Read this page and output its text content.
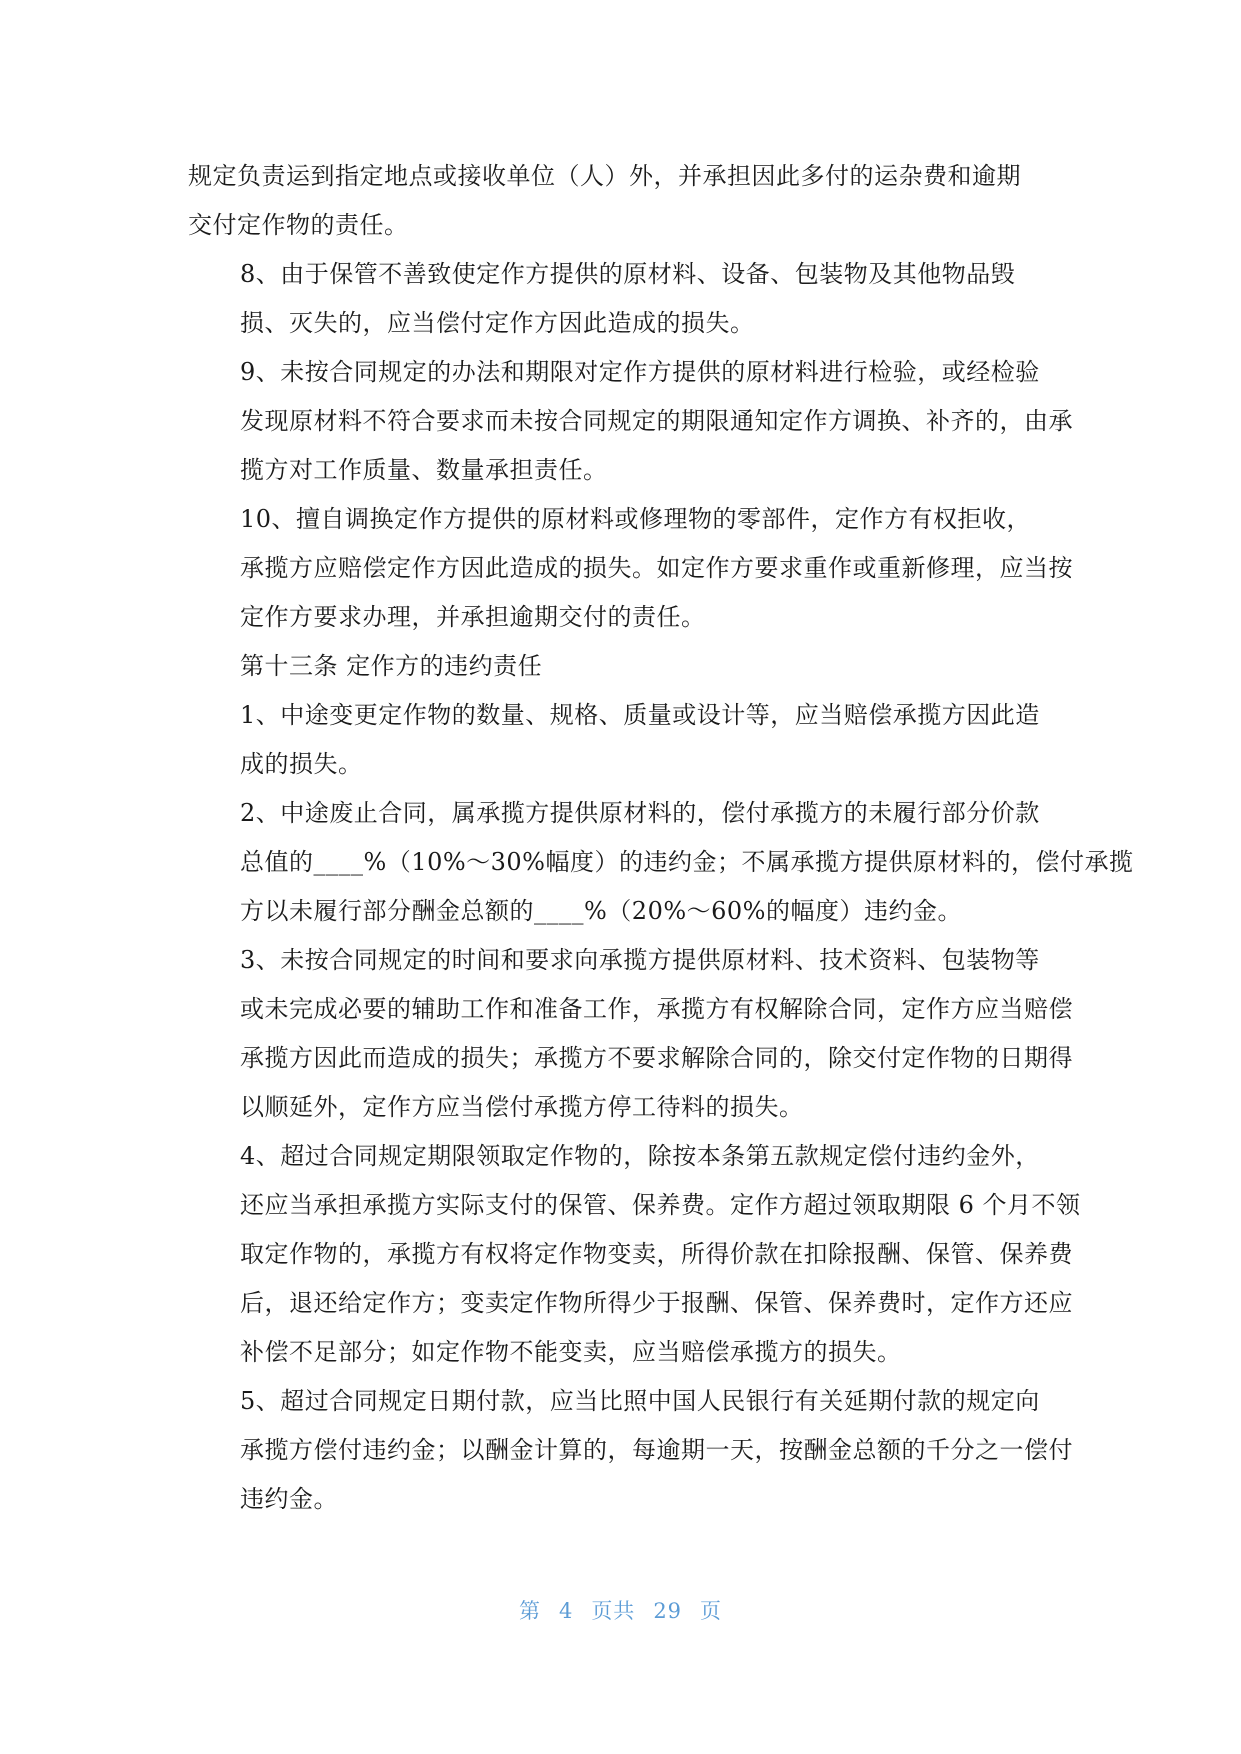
规定负责运到指定地点或接收单位（人）外，并承担因此多付的运杂费和逾期
交付定作物的责任。

8、由于保管不善致使定作方提供的原材料、设备、包装物及其他物品毁
损、灭失的，应当偿付定作方因此造成的损失。

9、未按合同规定的办法和期限对定作方提供的原材料进行检验，或经检验
发现原材料不符合要求而未按合同规定的期限通知定作方调换、补齐的，由承
揽方对工作质量、数量承担责任。

10、擅自调换定作方提供的原材料或修理物的零部件，定作方有权拒收，
承揽方应赔偿定作方因此造成的损失。如定作方要求重作或重新修理，应当按
定作方要求办理，并承担逾期交付的责任。

第十三条 定作方的违约责任

1、中途变更定作物的数量、规格、质量或设计等，应当赔偿承揽方因此造
成的损失。

2、中途废止合同，属承揽方提供原材料的，偿付承揽方的未履行部分价款
总值的____%（10%～30%幅度）的违约金；不属承揽方提供原材料的，偿付承揽
方以未履行部分酬金总额的____%（20%～60%的幅度）违约金。

3、未按合同规定的时间和要求向承揽方提供原材料、技术资料、包装物等
或未完成必要的辅助工作和准备工作，承揽方有权解除合同，定作方应当赔偿
承揽方因此而造成的损失；承揽方不要求解除合同的，除交付定作物的日期得
以顺延外，定作方应当偿付承揽方停工待料的损失。

4、超过合同规定期限领取定作物的，除按本条第五款规定偿付违约金外，
还应当承担承揽方实际支付的保管、保养费。定作方超过领取期限 6 个月不领
取定作物的，承揽方有权将定作物变卖，所得价款在扣除报酬、保管、保养费
后，退还给定作方；变卖定作物所得少于报酬、保管、保养费时，定作方还应
补偿不足部分；如定作物不能变卖，应当赔偿承揽方的损失。

5、超过合同规定日期付款，应当比照中国人民银行有关延期付款的规定向
承揽方偿付违约金；以酬金计算的，每逾期一天，按酬金总额的千分之一偿付
违约金。

第 4 页共 29 页
